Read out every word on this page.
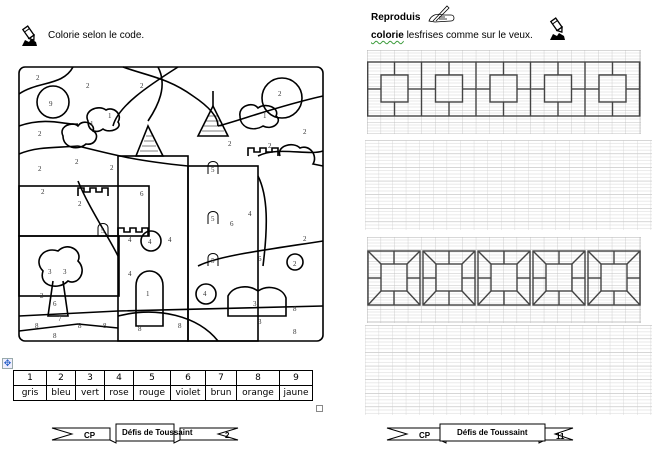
Colorie selon le code.
2
2	2
9
2
1
1	1
2
2
2
2
2
2	2
2
2
6
5
5
5
5
4
4
4	4
4
4
3 3
2
6
7
8
8
8	8	8	8
3
3
8
8
6
6
2
2
1
✥
1	2	3	4	5	6	7	8	9
gris	bleu	vert	rose	rouge	violet	brun	orange	jaune
CP	Défis de Toussaint	2
Reproduis
colorie lesfrises comme sur le veux.
CP	Défis de Toussaint	11
